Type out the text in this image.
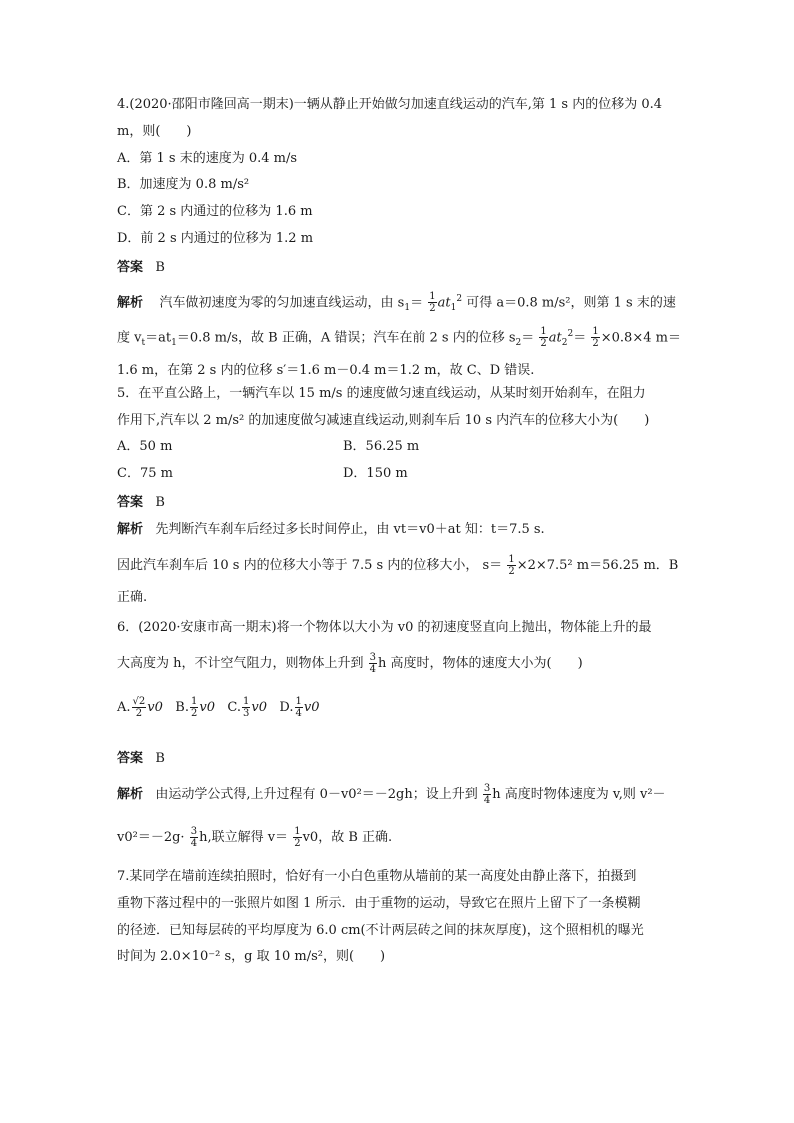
4.(2020·邵阳市隆回高一期末)一辆从静止开始做匀加速直线运动的汽车,第 1 s 内的位移为 0.4
m，则(　　)
A．第 1 s 末的速度为 0.4 m/s
B．加速度为 0.8 m/s²
C．第 2 s 内通过的位移为 1.6 m
D．前 2 s 内通过的位移为 1.2 m
答案 B
解析 汽车做初速度为零的匀加速直线运动，由 $s_1= \frac{1}{2} at_1^2$ 可得 a＝0.8 m/s²，则第 1 s 末的速
度 $v_t=at_1=0.8$ m/s，故 B 正确，A 错误；汽车在前 2 s 内的位移 $s_2= \frac{1}{2} at_2^2= \frac{1}{2} \times 0.8\times 4$ m＝
1.6 m，在第 2 s 内的位移 s′＝1.6 m－0.4 m＝1.2 m，故 C、D 错误.
5．在平直公路上，一辆汽车以 15 m/s 的速度做匀速直线运动，从某时刻开始刹车，在阻力
作用下,汽车以 2 m/s² 的加速度做匀减速直线运动,则刹车后 10 s 内汽车的位移大小为(　　)
A．50 m	B．56.25 m
C．75 m	D．150 m
答案 B
解析 先判断汽车刹车后经过多长时间停止，由 vt＝v0＋at 知：t＝7.5 s.
因此汽车刹车后 10 s 内的位移大小等于 7.5 s 内的位移大小， $s= \frac{1}{2} \times 2\times 7.5^2$ m＝56.25 m．B
正确.
6．(2020·安康市高一期末)将一个物体以大小为 v0 的初速度竖直向上抛出，物体能上升的最
大高度为 h，不计空气阻力，则物体上升到 $\frac{3}{4}$ h 高度时，物体的速度大小为(　　)
A. $\frac{√2}{2} v0$ B. $\frac{1}{2} v0$ C. $\frac{1}{3} v0$ D. $\frac{1}{4} v0$
答案 B
解析 由运动学公式得,上升过程有 0－v0²＝－2gh；设上升到 $\frac{3}{4}$ h 高度时物体速度为 v,则 v²－
$v0^2=-2g\cdot \frac{3}{4} h$,联立解得 $v= \frac{1}{2} v0$，故 B 正确.
7.某同学在墙前连续拍照时，恰好有一小白色重物从墙前的某一高度处由静止落下，拍摄到
重物下落过程中的一张照片如图 1 所示．由于重物的运动，导致它在照片上留下了一条模糊
的径迹．已知每层砖的平均厚度为 6.0 cm(不计两层砖之间的抹灰厚度)，这个照相机的曝光
时间为 2.0×10⁻² s，g 取 10 m/s²，则(　　)
